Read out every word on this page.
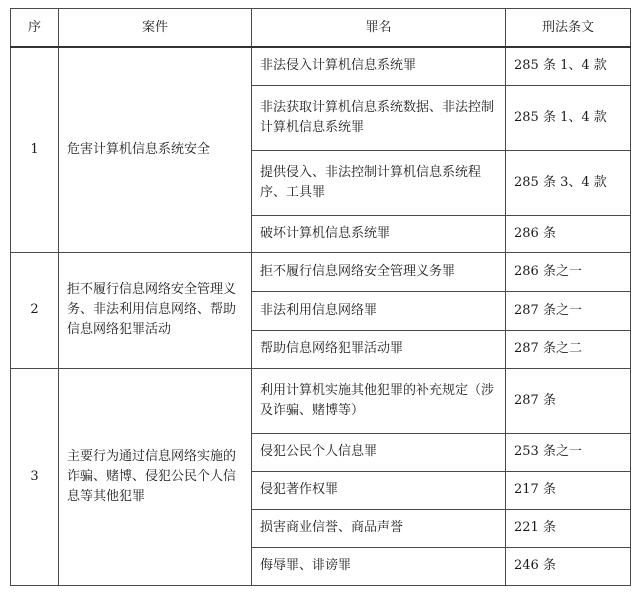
序	案件	罪名	刑法条文
1	危害计算机信息系统安全	非法侵入计算机信息系统罪	285 条 1、4 款
		非法获取计算机信息系统数据、非法控制计算机信息系统罪	285 条 1、4 款
		提供侵入、非法控制计算机信息系统程序、工具罪	285 条 3、4 款
		破坏计算机信息系统罪	286 条
2	拒不履行信息网络安全管理义务、非法利用信息网络、帮助信息网络犯罪活动	拒不履行信息网络安全管理义务罪	286 条之一
		非法利用信息网络罪	287 条之一
		帮助信息网络犯罪活动罪	287 条之二
3	主要行为通过信息网络实施的诈骗、赌博、侵犯公民个人信息等其他犯罪	利用计算机实施其他犯罪的补充规定（涉及诈骗、赌博等）	287 条
		侵犯公民个人信息罪	253 条之一
		侵犯著作权罪	217 条
		损害商业信誉、商品声誉	221 条
		侮辱罪、诽谤罪	246 条
